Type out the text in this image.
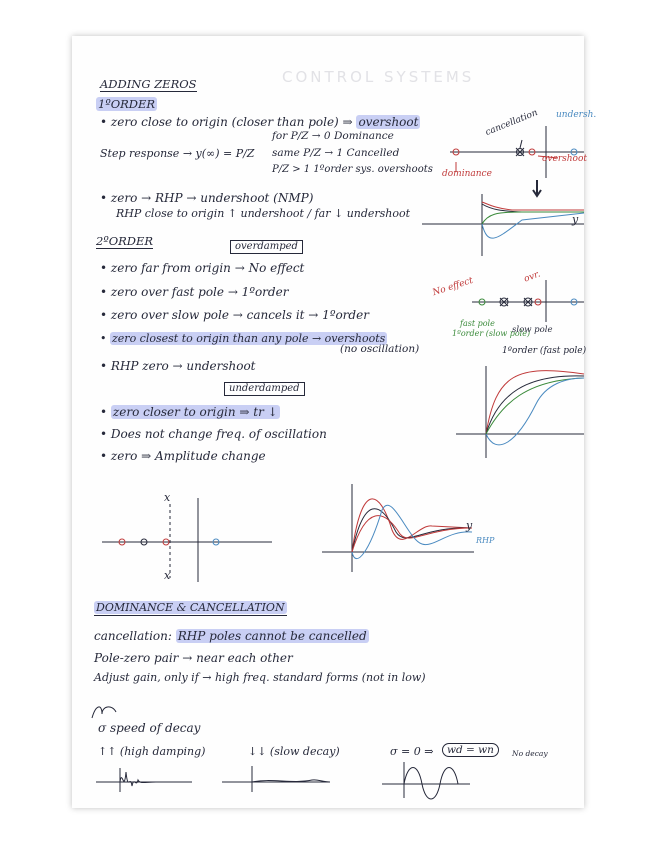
CONTROL SYSTEMS
ADDING ZEROS
1ºORDER
• zero close to origin (closer than pole) ⇒ overshoot
Step response → y(∞) = P/Z
for P/Z → 0 Dominance
same P/Z → 1 Cancelled
P/Z > 1 1ºorder sys. overshoots
• zero → RHP → undershoot (NMP)
RHP close to origin ↑ undershoot / far ↓ undershoot
2ºORDER	overdamped
• zero far from origin → No effect
• zero over fast pole → 1ºorder
• zero over slow pole → cancels it → 1ºorder
• zero closest to origin than any pole → overshoots
(no oscillation)
• RHP zero → undershoot
underdamped
• zero closer to origin ⇒ tr ↓
• Does not change freq. of oscillation
• zero ⇒ Amplitude change
cancellation undersh.
overshoot
dominance
y
No effect	ovr.
fast pole
1ºorder (slow pole)
slow pole
1ºorder (fast pole)
x
x
y
RHP
DOMINANCE & CANCELLATION
cancellation: RHP poles cannot be cancelled
Pole-zero pair → near each other
Adjust gain, only if → high freq. standard forms (not in low)
σ speed of decay
↑↑ (high damping)	↓↓ (slow decay)	σ = 0 ⇒	wd = wn	No decay
